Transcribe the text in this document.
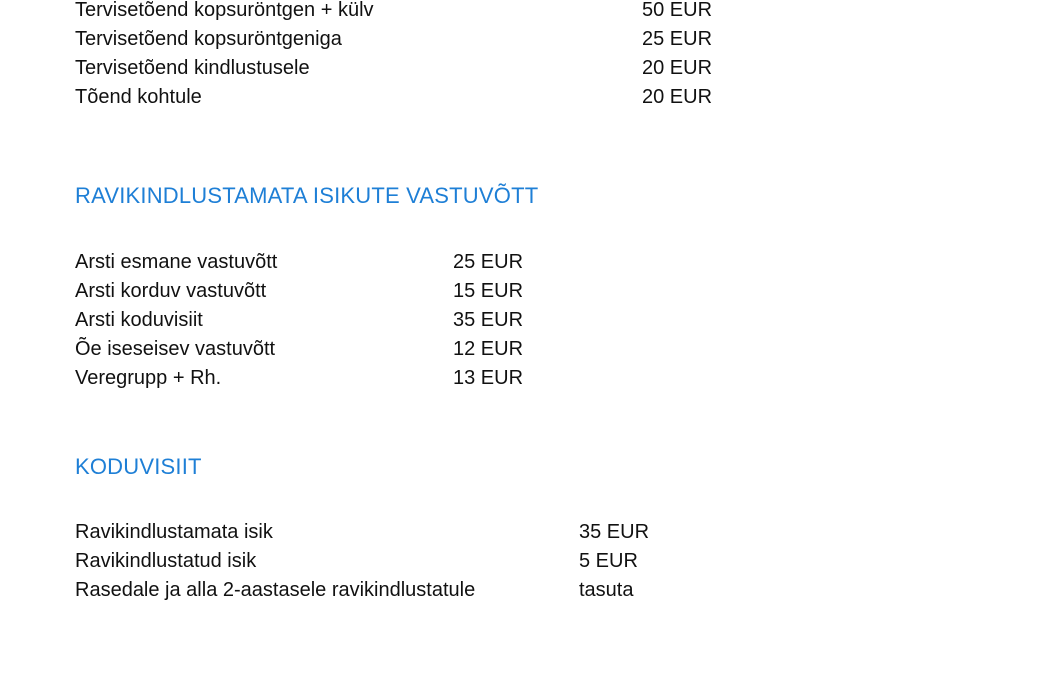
Tervisetõend kopsuröntgen + külv	50 EUR
Tervisetõend kopsuröntgeniga	25 EUR
Tervisetõend kindlustusele	20 EUR
Tõend kohtule	20 EUR
RAVIKINDLUSTAMATA ISIKUTE VASTUVÕTT
Arsti esmane vastuvõtt	25 EUR
Arsti korduv vastuvõtt	15 EUR
Arsti koduvisiit	35 EUR
Õe iseseisev vastuvõtt	12 EUR
Veregrupp + Rh.	13 EUR
KODUVISIIT
Ravikindlustamata isik	35 EUR
Ravikindlustatud isik	5 EUR
Rasedale ja alla 2-aastasele ravikindlustatule	tasuta
